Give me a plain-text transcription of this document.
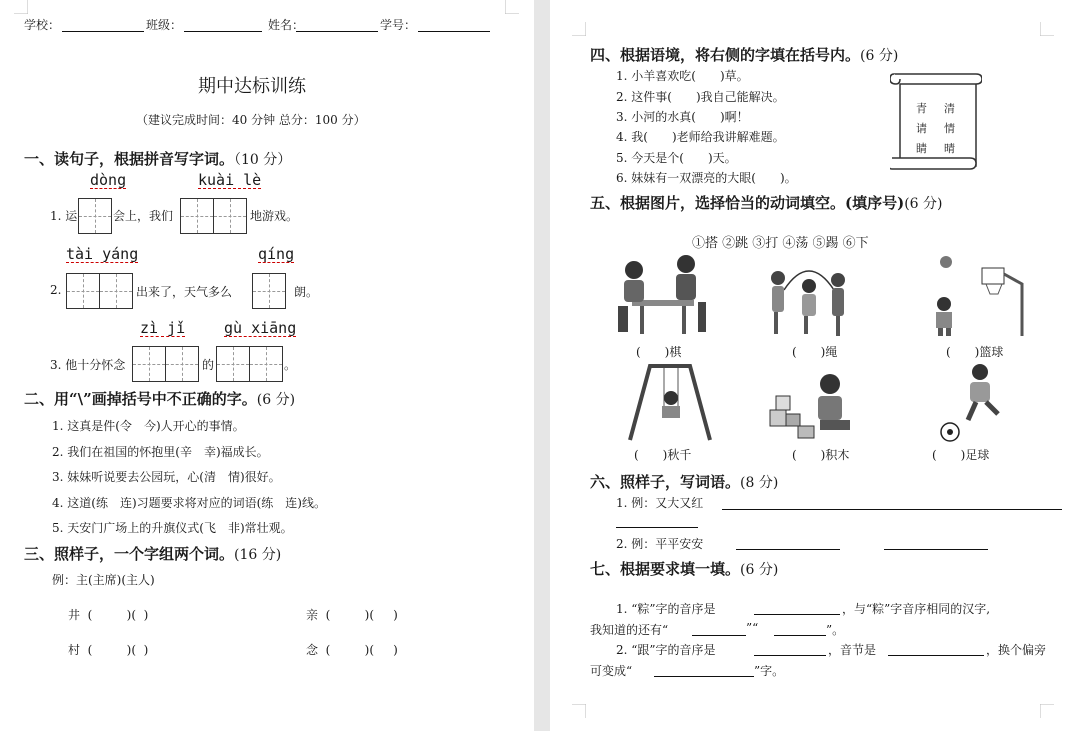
学校：	班级：	姓名：	学号：
期中达标训练
（建议完成时间：40 分钟 总分：100 分）
一、读句子，根据拼音写字词。（10 分）
dòng	kuài lè
1. 运	会上，我们	地游戏。
tài yáng	qíng
2.	出来了，天气多么	朗。
zì jǐ	gù xiāng
3. 他十分怀念	的	。
二、用“\”画掉括号中不正确的字。(6 分)
1. 这真是件(令　今)人开心的事情。
2. 我们在祖国的怀抱里(辛　幸)福成长。
3. 妹妹听说要去公园玩，心(清　情)很好。
4. 这道(练　连)习题要求将对应的词语(练　连)线。
5. 天安门广场上的升旗仪式(飞　非)常壮观。
三、照样子，一个字组两个词。(16 分)
例：主(主席)(主人)
井  (         )(  )	亲  (         )(     )
村  (         )(  )	念  (         )(     )
四、根据语境，将右侧的字填在括号内。(6 分)
1. 小羊喜欢吃(　　)草。
2. 这件事(　　)我自己能解决。
3. 小河的水真(　　)啊！
4. 我(　　)老师给我讲解难题。
5. 今天是个(　　)天。
6. 妹妹有一双漂亮的大眼(　　)。
青 清
请 情
睛 晴
五、根据图片，选择恰当的动词填空。(填序号)(6 分)
①搭 ②跳 ③打 ④荡 ⑤踢 ⑥下
(　　)棋	(　　)绳	(　　)篮球
(　　)秋千	(　　)积木	(　　)足球
六、照样子，写词语。(8 分)
1. 例：又大又红
2. 例：平平安安
七、根据要求填一填。(6 分)
1. “粽”字的音序是	，与“粽”字音序相同的汉字,
我知道的还有“	”“	”。
2. “跟”字的音序是	，音节是	，换个偏旁
可变成“	”字。
